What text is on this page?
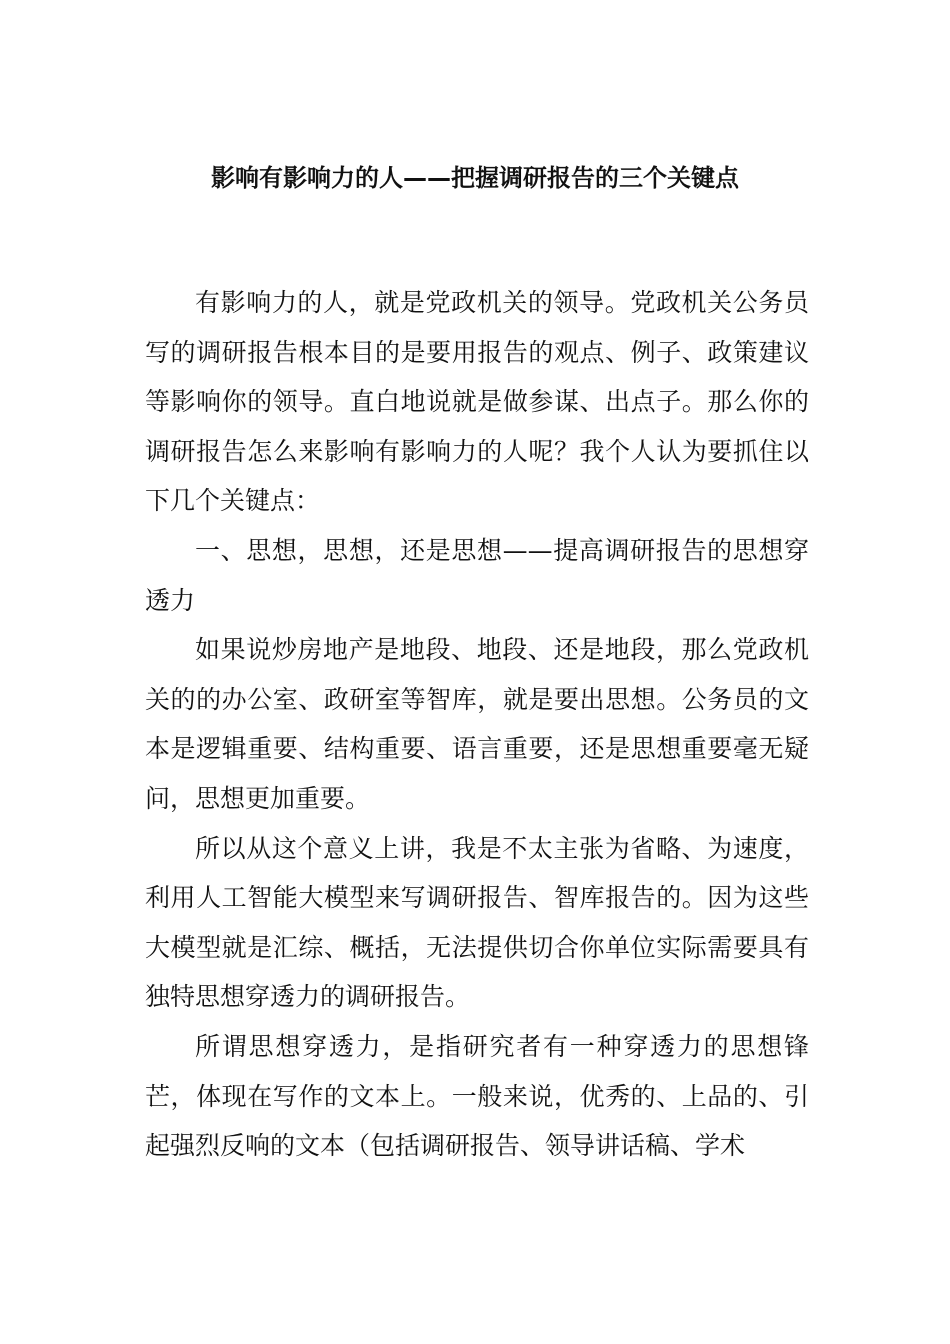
影响有影响力的人——把握调研报告的三个关键点

有影响力的人，就是党政机关的领导。党政机关公务员写的调研报告根本目的是要用报告的观点、例子、政策建议等影响你的领导。直白地说就是做参谋、出点子。那么你的调研报告怎么来影响有影响力的人呢？我个人认为要抓住以下几个关键点：

一、思想，思想，还是思想——提高调研报告的思想穿透力

如果说炒房地产是地段、地段、还是地段，那么党政机关的的办公室、政研室等智库，就是要出思想。公务员的文本是逻辑重要、结构重要、语言重要，还是思想重要毫无疑问，思想更加重要。

所以从这个意义上讲，我是不太主张为省略、为速度，利用人工智能大模型来写调研报告、智库报告的。因为这些大模型就是汇综、概括，无法提供切合你单位实际需要具有独特思想穿透力的调研报告。

所谓思想穿透力，是指研究者有一种穿透力的思想锋芒，体现在写作的文本上。一般来说，优秀的、上品的、引起强烈反响的文本（包括调研报告、领导讲话稿、学术
